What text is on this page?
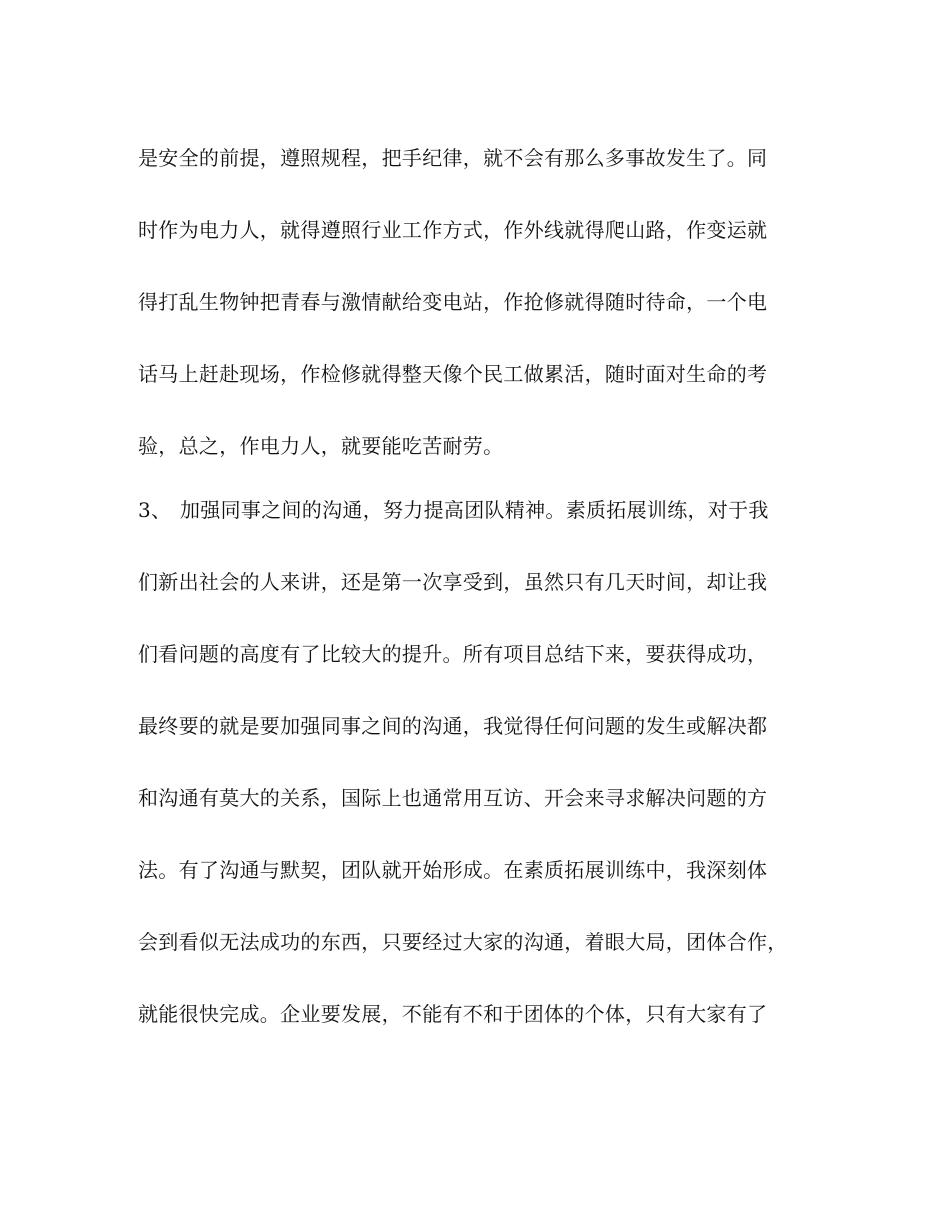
是安全的前提，遵照规程，把手纪律，就不会有那么多事故发生了。同
时作为电力人，就得遵照行业工作方式，作外线就得爬山路，作变运就
得打乱生物钟把青春与激情献给变电站，作抢修就得随时待命，一个电
话马上赶赴现场，作检修就得整天像个民工做累活，随时面对生命的考
验，总之，作电力人，就要能吃苦耐劳。
3、 加强同事之间的沟通，努力提高团队精神。素质拓展训练，对于我
们新出社会的人来讲，还是第一次享受到，虽然只有几天时间，却让我
们看问题的高度有了比较大的提升。所有项目总结下来，要获得成功，
最终要的就是要加强同事之间的沟通，我觉得任何问题的发生或解决都
和沟通有莫大的关系，国际上也通常用互访、开会来寻求解决问题的方
法。有了沟通与默契，团队就开始形成。在素质拓展训练中，我深刻体
会到看似无法成功的东西，只要经过大家的沟通，着眼大局，团体合作，
就能很快完成。企业要发展，不能有不和于团体的个体，只有大家有了
